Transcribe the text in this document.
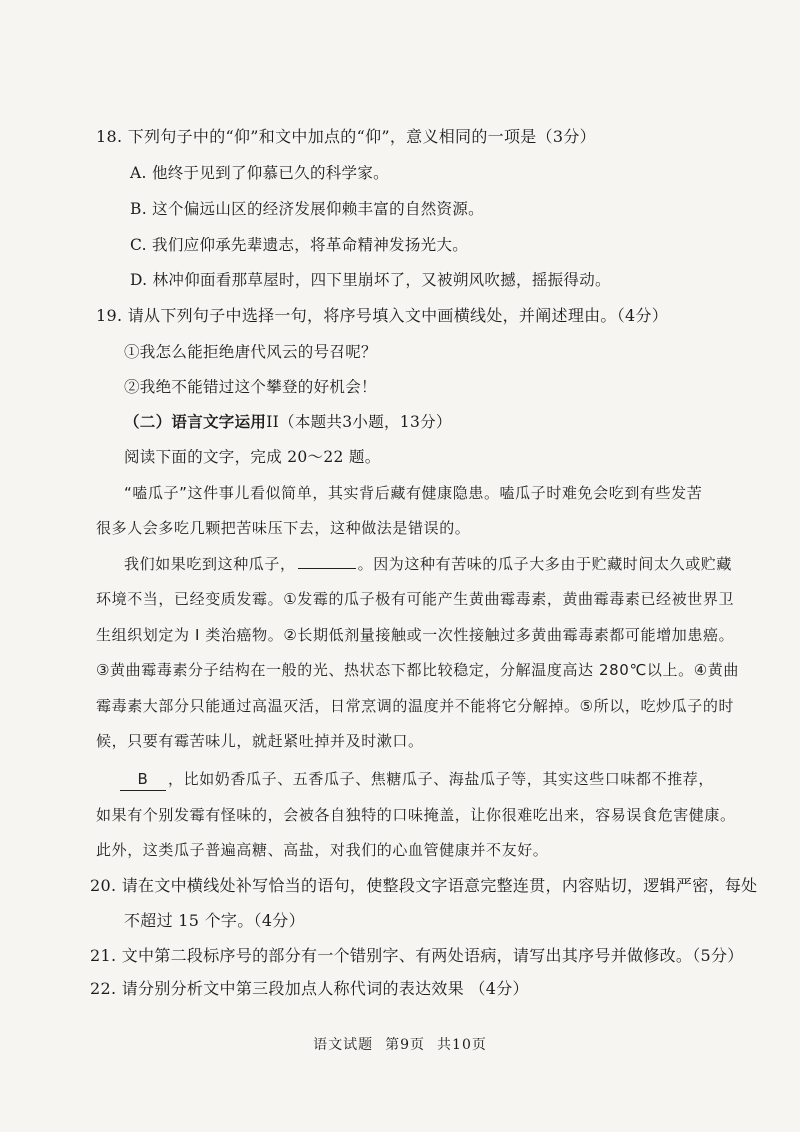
18. 下列句子中的“仰”和文中加点的“仰”，意义相同的一项是（3分）
A. 他终于见到了仰慕已久的科学家。
B. 这个偏远山区的经济发展仰赖丰富的自然资源。
C. 我们应仰承先辈遗志，将革命精神发扬光大。
D. 林冲仰面看那草屋时，四下里崩坏了，又被朔风吹撼，摇振得动。
19. 请从下列句子中选择一句，将序号填入文中画横线处，并阐述理由。（4分）
①我怎么能拒绝唐代风云的号召呢？
②我绝不能错过这个攀登的好机会！
（二）语言文字运用II（本题共3小题，13分）
阅读下面的文字，完成 20～22 题。
“嗑瓜子”这件事儿看似简单，其实背后藏有健康隐患。嗑瓜子时难免会吃到有些发苦
很多人会多吃几颗把苦味压下去，这种做法是错误的。
我们如果吃到这种瓜子，	。因为这种有苦味的瓜子大多由于贮藏时间太久或贮藏
环境不当，已经变质发霉。①发霉的瓜子极有可能产生黄曲霉毒素，黄曲霉毒素已经被世界卫
生组织划定为 I 类治癌物。②长期低剂量接触或一次性接触过多黄曲霉毒素都可能增加患癌。
③黄曲霉毒素分子结构在一般的光、热状态下都比较稳定，分解温度高达 280℃以上。④黄曲
霉毒素大部分只能通过高温灭活，日常烹调的温度并不能将它分解掉。⑤所以，吃炒瓜子的时
候，只要有霉苦味儿，就赶紧吐掉并及时漱口。
B ，比如奶香瓜子、五香瓜子、焦糖瓜子、海盐瓜子等，其实这些口味都不推荐，
如果有个别发霉有怪味的，会被各自独特的口味掩盖，让你很难吃出来，容易误食危害健康。
此外，这类瓜子普遍高糖、高盐，对我们的心血管健康并不友好。
20. 请在文中横线处补写恰当的语句，使整段文字语意完整连贯，内容贴切，逻辑严密，每处
不超过 15 个字。（4分）
21. 文中第二段标序号的部分有一个错别字、有两处语病，请写出其序号并做修改。（5分）
22. 请分别分析文中第三段加点人称代词的表达效果 （4分）
语文试题 第9页 共10页
